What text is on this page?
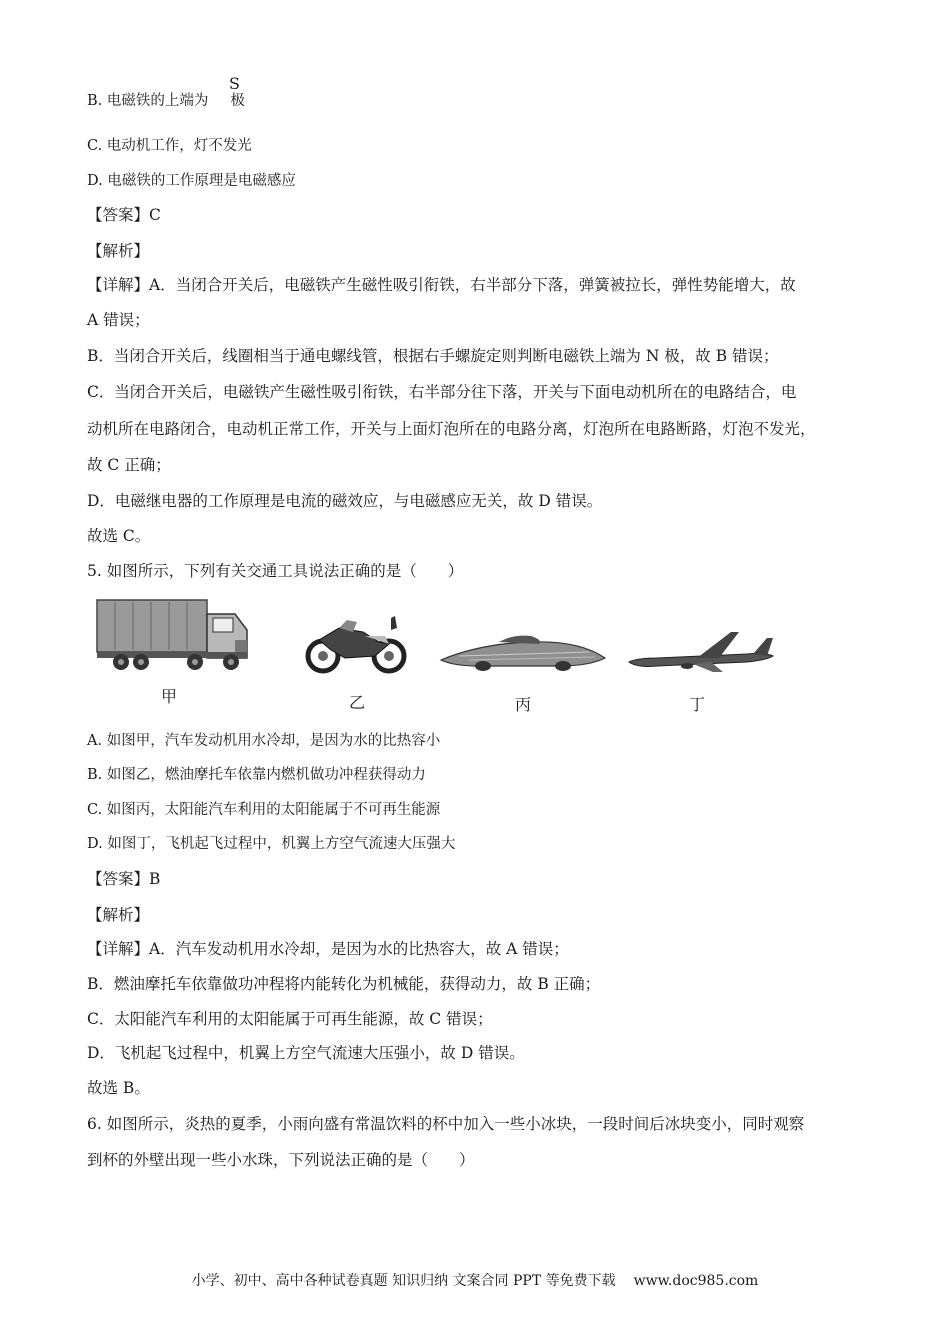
B. 电磁铁的上端为 极
S
C. 电动机工作，灯不发光
D. 电磁铁的工作原理是电磁感应
【答案】C
【解析】
【详解】A．当闭合开关后，电磁铁产生磁性吸引衔铁，右半部分下落，弹簧被拉长，弹性势能增大，故
A 错误；
B．当闭合开关后，线圈相当于通电螺线管，根据右手螺旋定则判断电磁铁上端为 N 极，故 B 错误；
C．当闭合开关后，电磁铁产生磁性吸引衔铁，右半部分往下落，开关与下面电动机所在的电路结合，电
动机所在电路闭合，电动机正常工作，开关与上面灯泡所在的电路分离，灯泡所在电路断路，灯泡不发光，
故 C 正确；
D．电磁继电器的工作原理是电流的磁效应，与电磁感应无关，故 D 错误。
故选 C。
5. 如图所示，下列有关交通工具说法正确的是（　　）
甲	乙	丙	丁
A. 如图甲，汽车发动机用水冷却，是因为水的比热容小
B. 如图乙，燃油摩托车依靠内燃机做功冲程获得动力
C. 如图丙，太阳能汽车利用的太阳能属于不可再生能源
D. 如图丁，飞机起飞过程中，机翼上方空气流速大压强大
【答案】B
【解析】
【详解】A．汽车发动机用水冷却，是因为水的比热容大，故 A 错误；
B．燃油摩托车依靠做功冲程将内能转化为机械能，获得动力，故 B 正确；
C．太阳能汽车利用的太阳能属于可再生能源，故 C 错误；
D．飞机起飞过程中，机翼上方空气流速大压强小，故 D 错误。
故选 B。
6. 如图所示，炎热的夏季，小雨向盛有常温饮料的杯中加入一些小冰块，一段时间后冰块变小，同时观察
到杯的外壁出现一些小水珠，下列说法正确的是（　　）
小学、初中、高中各种试卷真题 知识归纳 文案合同 PPT 等免费下载 www.doc985.com
